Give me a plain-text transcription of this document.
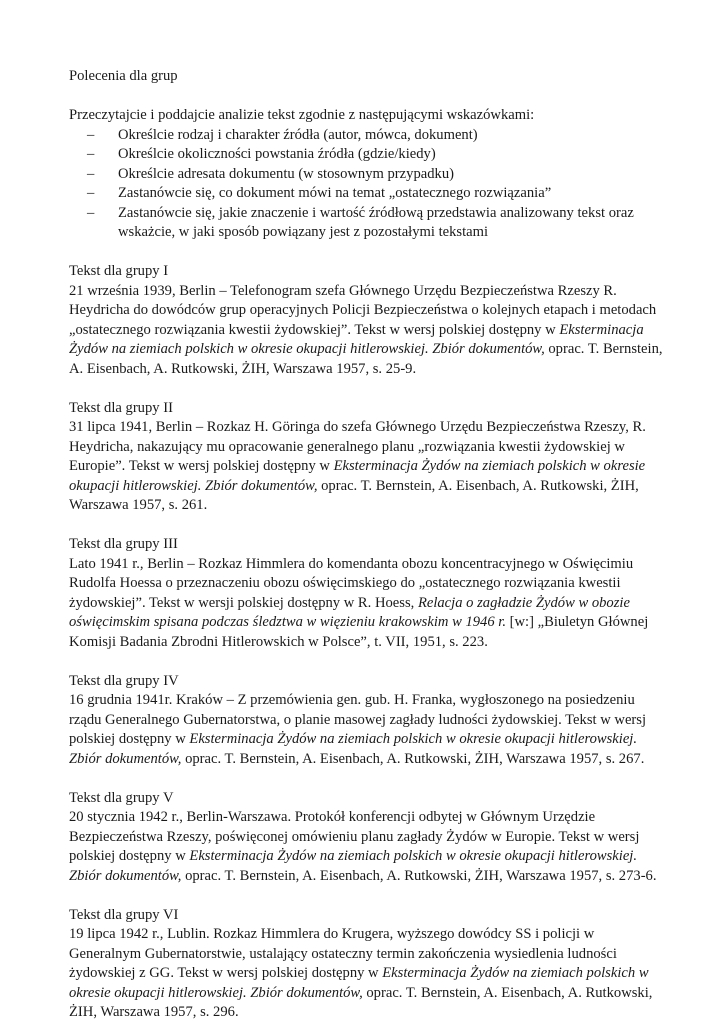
Polecenia dla grup

Przeczytajcie i poddajcie analizie tekst zgodnie z następującymi wskazówkami:

– Określcie rodzaj i charakter źródła (autor, mówca, dokument)
– Określcie okoliczności powstania źródła (gdzie/kiedy)
– Określcie adresata dokumentu (w stosownym przypadku)
– Zastanówcie się, co dokument mówi na temat „ostatecznego rozwiązania”
– Zastanówcie się, jakie znaczenie i wartość źródłową przedstawia analizowany tekst oraz wskażcie, w jaki sposób powiązany jest z pozostałymi tekstami

Tekst dla grupy I

21 września 1939, Berlin – Telefonogram szefa Głównego Urzędu Bezpieczeństwa Rzeszy R. Heydricha do dowódców grup operacyjnych Policji Bezpieczeństwa o kolejnych etapach i metodach „ostatecznego rozwiązania kwestii żydowskiej”. Tekst w wersj polskiej dostępny w Eksterminacja Żydów na ziemiach polskich w okresie okupacji hitlerowskiej. Zbiór dokumentów, oprac. T. Bernstein, A. Eisenbach, A. Rutkowski, ŻIH, Warszawa 1957, s. 25-9.

Tekst dla grupy II

31 lipca 1941, Berlin – Rozkaz H. Göringa do szefa Głównego Urzędu Bezpieczeństwa Rzeszy, R. Heydricha, nakazujący mu opracowanie generalnego planu „rozwiązania kwestii żydowskiej w Europie”. Tekst w wersj polskiej dostępny w Eksterminacja Żydów na ziemiach polskich w okresie okupacji hitlerowskiej. Zbiór dokumentów, oprac. T. Bernstein, A. Eisenbach, A. Rutkowski, ŻIH, Warszawa 1957, s. 261.

Tekst dla grupy III

Lato 1941 r., Berlin – Rozkaz Himmlera do komendanta obozu koncentracyjnego w Oświęcimiu Rudolfa Hoessa o przeznaczeniu obozu oświęcimskiego do „ostatecznego rozwiązania kwestii żydowskiej”. Tekst w wersji polskiej dostępny w R. Hoess, Relacja o zagładzie Żydów w obozie oświęcimskim spisana podczas śledztwa w więzieniu krakowskim w 1946 r. [w:] „Biuletyn Głównej Komisji Badania Zbrodni Hitlerowskich w Polsce”, t. VII, 1951, s. 223.

Tekst dla grupy IV

16 grudnia 1941r. Kraków – Z przemówienia gen. gub. H. Franka, wygłoszonego na posiedzeniu rządu Generalnego Gubernatorstwa, o planie masowej zagłady ludności żydowskiej. Tekst w wersj polskiej dostępny w Eksterminacja Żydów na ziemiach polskich w okresie okupacji hitlerowskiej. Zbiór dokumentów, oprac. T. Bernstein, A. Eisenbach, A. Rutkowski, ŻIH, Warszawa 1957, s. 267.

Tekst dla grupy V

20 stycznia 1942 r., Berlin-Warszawa. Protokół konferencji odbytej w Głównym Urzędzie Bezpieczeństwa Rzeszy, poświęconej omówieniu planu zagłady Żydów w Europie. Tekst w wersj polskiej dostępny w Eksterminacja Żydów na ziemiach polskich w okresie okupacji hitlerowskiej. Zbiór dokumentów, oprac. T. Bernstein, A. Eisenbach, A. Rutkowski, ŻIH, Warszawa 1957, s. 273-6.

Tekst dla grupy VI

19 lipca 1942 r., Lublin. Rozkaz Himmlera do Krugera, wyższego dowódcy SS i policji w Generalnym Gubernatorstwie, ustalający ostateczny termin zakończenia wysiedlenia ludności żydowskiej z GG. Tekst w wersj polskiej dostępny w Eksterminacja Żydów na ziemiach polskich w okresie okupacji hitlerowskiej. Zbiór dokumentów, oprac. T. Bernstein, A. Eisenbach, A. Rutkowski, ŻIH, Warszawa 1957, s. 296.
